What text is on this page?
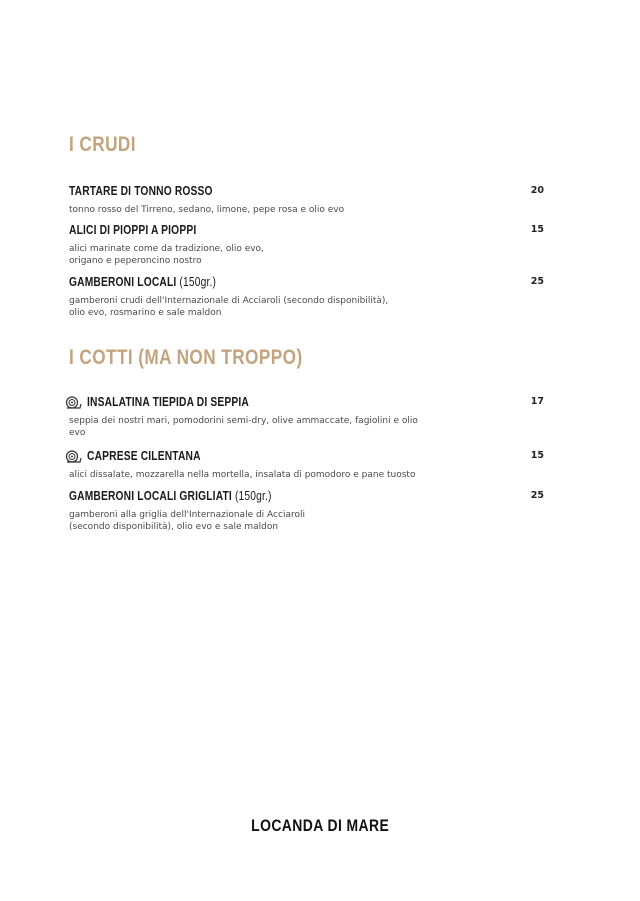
I CRUDI
TARTARE DI TONNO ROSSO	20
tonno rosso del Tirreno, sedano, limone, pepe rosa e olio evo
ALICI DI PIOPPI A PIOPPI	15
alici marinate come da tradizione, olio evo,
origano e peperoncino nostro
GAMBERONI LOCALI (150gr.)	25
gamberoni crudi dell'Internazionale di Acciaroli (secondo disponibilità),
olio evo, rosmarino e sale maldon
I COTTI (MA NON TROPPO)
INSALATINA TIEPIDA DI SEPPIA	17
seppia dei nostri mari, pomodorini semi-dry, olive ammaccate, fagiolini e olio
evo
CAPRESE CILENTANA	15
alici dissalate, mozzarella nella mortella, insalata di pomodoro e pane tuosto
GAMBERONI LOCALI GRIGLIATI (150gr.)	25
gamberoni alla griglia dell'Internazionale di Acciaroli
(secondo disponibilità), olio evo e sale maldon
LOCANDA DI MARE
